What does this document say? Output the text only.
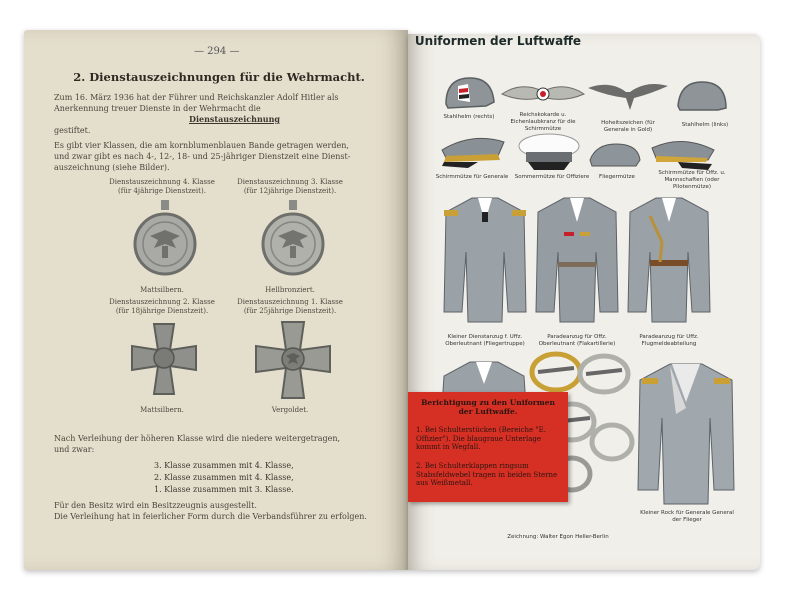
— 294 —
2. Dienstauszeichnungen für die Wehrmacht.
Zum 16. März 1936 hat der Führer und Reichskanzler Adolf Hitler als
Anerkennung treuer Dienste in der Wehrmacht die
Dienstauszeichnung
gestiftet.
Es gibt vier Klassen, die am kornblumenblauen Bande getragen werden,
und zwar gibt es nach 4-, 12-, 18- und 25-jähriger Dienstzeit eine Dienst-
auszeichnung (siehe Bilder).
Dienstauszeichnung 4. Klasse (für 4jährige Dienstzeit).
Dienstauszeichnung 3. Klasse (für 12jährige Dienstzeit).
Mattsilbern.	Hellbronziert.
Dienstauszeichnung 2. Klasse (für 18jährige Dienstzeit).
Dienstauszeichnung 1. Klasse (für 25jährige Dienstzeit).
Mattsilbern.	Vergoldet.
Nach Verleihung der höheren Klasse wird die niedere weitergetragen,
und zwar:
3. Klasse zusammen mit 4. Klasse,
2. Klasse zusammen mit 4. Klasse,
1. Klasse zusammen mit 3. Klasse.
Für den Besitz wird ein Besitzzeugnis ausgestellt.
Die Verleihung hat in feierlicher Form durch die Verbandsführer zu erfolgen.
Uniformen der Luftwaffe
Stahlhelm (rechts)	Reichskokarde u. Eichenlaubkranz für die Schirmmütze
Hoheitszeichen (für Generale in Gold)
Stahlhelm (links)
Schirmmütze für Generale	Sommermütze für Offiziere	Fliegermütze
Schirmmütze für Offz. u. Mannschaften (oder Pilotenmütze)
Kleiner Dienstanzug f. Uffz. Oberleutnant (Fliegertruppe)
Paradeanzug für Offz. Oberleutnant (Flakartillerie)
Paradeanzug für Uffz. Flugmeldeabteilung
Kleiner Rock für Generale General der Flieger
Zeichnung: Walter Egon Heller-Berlin
Berichtigung zu den Uniformen der Luftwaffe.
1. Bei Schulterstücken (Bereiche "E. Offizier"). Die blaugraue Unterlage kommt in Wegfall.
2. Bei Schulterklappen ringsum Stabsfeldwebel tragen in beiden Sterne aus Weißmetall.
